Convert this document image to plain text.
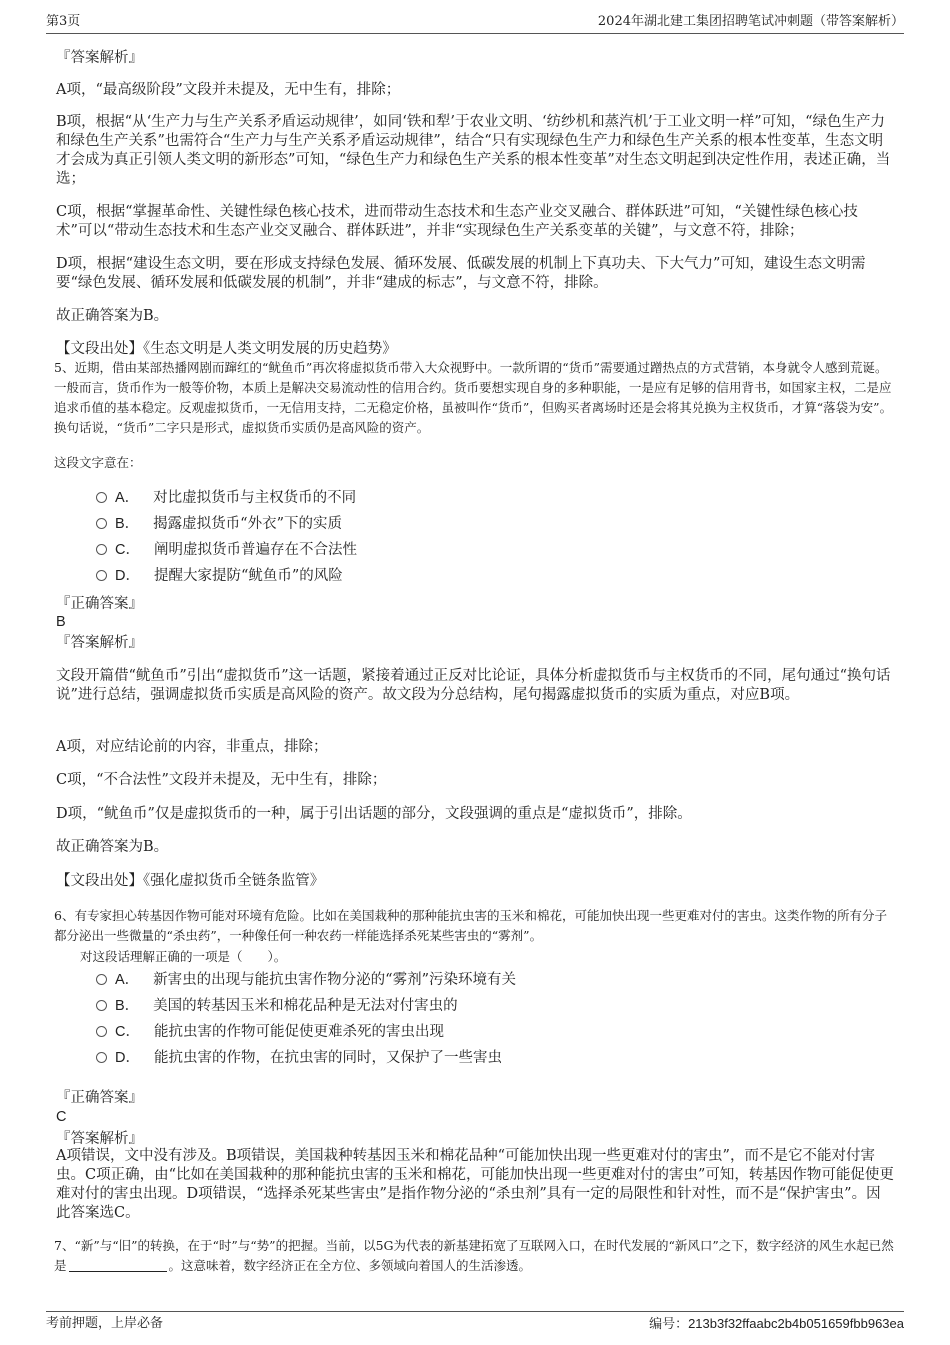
第3页	2024年湖北建工集团招聘笔试冲刺题（带答案解析）

『答案解析』

A项，“最高级阶段”文段并未提及，无中生有，排除；

B项，根据“从‘生产力与生产关系矛盾运动规律’，如同‘铁和犁’于农业文明、‘纺纱机和蒸汽机’于工业文明一样”可知，“绿色生产力和绿色生产关系”也需符合“生产力与生产关系矛盾运动规律”，结合“只有实现绿色生产力和绿色生产关系的根本性变革，生态文明才会成为真正引领人类文明的新形态”可知，“绿色生产力和绿色生产关系的根本性变革”对生态文明起到决定性作用，表述正确，当选；

C项，根据“掌握革命性、关键性绿色核心技术，进而带动生态技术和生态产业交叉融合、群体跃进”可知，“关键性绿色核心技术”可以“带动生态技术和生态产业交叉融合、群体跃进”，并非“实现绿色生产关系变革的关键”，与文意不符，排除；

D项，根据“建设生态文明，要在形成支持绿色发展、循环发展、低碳发展的机制上下真功夫、下大气力”可知，建设生态文明需要“绿色发展、循环发展和低碳发展的机制”，并非“建成的标志”，与文意不符，排除。

故正确答案为B。

【文段出处】《生态文明是人类文明发展的历史趋势》

5、近期，借由某部热播网剧而蹿红的“鱿鱼币”再次将虚拟货币带入大众视野中。一款所谓的“货币”需要通过蹭热点的方式营销，本身就令人感到荒诞。一般而言，货币作为一般等价物，本质上是解决交易流动性的信用合约。货币要想实现自身的多种职能，一是应有足够的信用背书，如国家主权，二是应追求币值的基本稳定。反观虚拟货币，一无信用支持，二无稳定价格，虽被叫作“货币”，但购买者离场时还是会将其兑换为主权货币，才算“落袋为安”。换句话说，“货币”二字只是形式，虚拟货币实质仍是高风险的资产。

这段文字意在：

A． 对比虚拟货币与主权货币的不同
B． 揭露虚拟货币“外衣”下的实质
C． 阐明虚拟货币普遍存在不合法性
D． 提醒大家提防“鱿鱼币”的风险

『正确答案』

B

『答案解析』

文段开篇借“鱿鱼币”引出“虚拟货币”这一话题，紧接着通过正反对比论证，具体分析虚拟货币与主权货币的不同，尾句通过“换句话说”进行总结，强调虚拟货币实质是高风险的资产。故文段为分总结构，尾句揭露虚拟货币的实质为重点，对应B项。

A项，对应结论前的内容，非重点，排除；

C项，“不合法性”文段并未提及，无中生有，排除；

D项，“鱿鱼币”仅是虚拟货币的一种，属于引出话题的部分，文段强调的重点是“虚拟货币”，排除。

故正确答案为B。

【文段出处】《强化虚拟货币全链条监管》

6、有专家担心转基因作物可能对环境有危险。比如在美国栽种的那种能抗虫害的玉米和棉花，可能加快出现一些更难对付的害虫。这类作物的所有分子都分泌出一些微量的“杀虫药”，一种像任何一种农药一样能选择杀死某些害虫的“雾剂”。

对这段话理解正确的一项是（　　）。

A． 新害虫的出现与能抗虫害作物分泌的“雾剂”污染环境有关
B． 美国的转基因玉米和棉花品种是无法对付害虫的
C． 能抗虫害的作物可能促使更难杀死的害虫出现
D． 能抗虫害的作物，在抗虫害的同时，又保护了一些害虫

『正确答案』

C

『答案解析』

A项错误，文中没有涉及。B项错误，美国栽种转基因玉米和棉花品种“可能加快出现一些更难对付的害虫”，而不是它不能对付害虫。C项正确，由“比如在美国栽种的那种能抗虫害的玉米和棉花，可能加快出现一些更难对付的害虫”可知，转基因作物可能促使更难对付的害虫出现。D项错误，“选择杀死某些害虫”是指作物分泌的“杀虫剂”具有一定的局限性和针对性，而不是“保护害虫”。因此答案选C。

7、“新”与“旧”的转换，在于“时”与“势”的把握。当前，以5G为代表的新基建拓宽了互联网入口，在时代发展的“新风口”之下，数字经济的风生水起已然是	。这意味着，数字经济正在全方位、多领域向着国人的生活渗透。

考前押题，上岸必备	编号：213b3f32ffaabc2b4b051659fbb963ea
